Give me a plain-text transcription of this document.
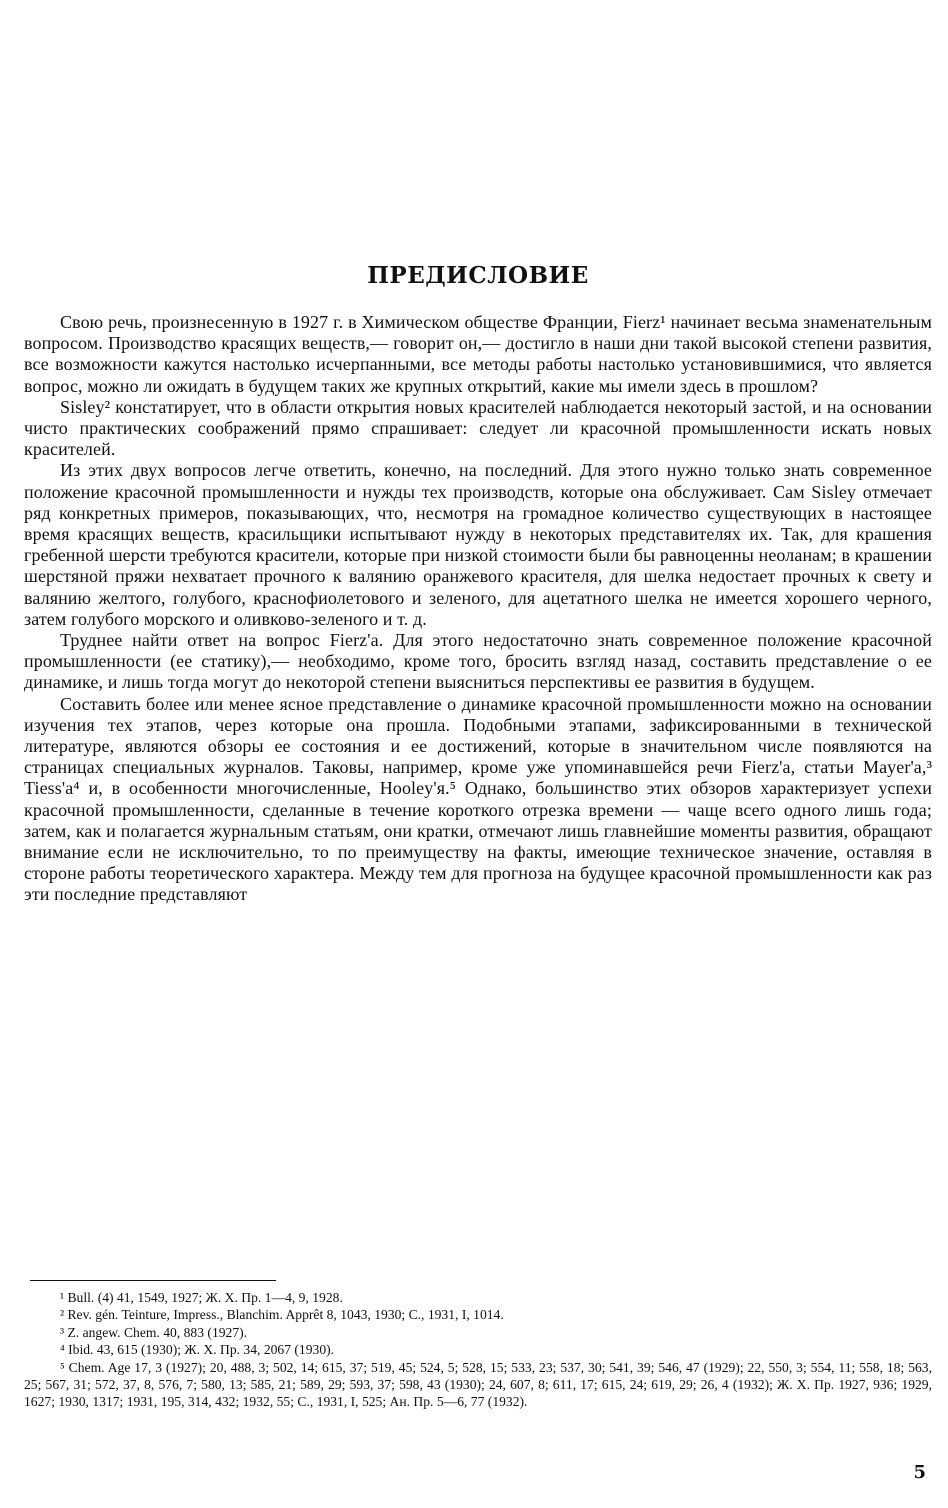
ПРЕДИСЛОВИЕ

Свою речь, произнесенную в 1927 г. в Химическом обществе Франции, Fierz¹ начинает весьма знаменательным вопросом. Производство красящих веществ,— говорит он,— достигло в наши дни такой высокой степени развития, все возможности кажутся настолько исчерпанными, все методы работы настолько установившимися, что является вопрос, можно ли ожидать в будущем таких же крупных открытий, какие мы имели здесь в прошлом?

Sisley² констатирует, что в области открытия новых красителей наблюдается некоторый застой, и на основании чисто практических соображений прямо спрашивает: следует ли красочной промышленности искать новых красителей.

Из этих двух вопросов легче ответить, конечно, на последний. Для этого нужно только знать современное положение красочной промышленности и нужды тех производств, которые она обслуживает. Сам Sisley отмечает ряд конкретных примеров, показывающих, что, несмотря на громадное количество существующих в настоящее время красящих веществ, красильщики испытывают нужду в некоторых представителях их. Так, для крашения гребенной шерсти требуются красители, которые при низкой стоимости были бы равноценны неоланам; в крашении шерстяной пряжи нехватает прочного к валянию оранжевого красителя, для шелка недостает прочных к свету и валянию желтого, голубого, краснофиолетового и зеленого, для ацетатного шелка не имеется хорошего черного, затем голубого морского и оливково-зеленого и т. д.

Труднее найти ответ на вопрос Fierz'a. Для этого недостаточно знать современное положение красочной промышленности (ее статику),— необходимо, кроме того, бросить взгляд назад, составить представление о ее динамике, и лишь тогда могут до некоторой степени выясниться перспективы ее развития в будущем.

Составить более или менее ясное представление о динамике красочной промышленности можно на основании изучения тех этапов, через которые она прошла. Подобными этапами, зафиксированными в технической литературе, являются обзоры ее состояния и ее достижений, которые в значительном числе появляются на страницах специальных журналов. Таковы, например, кроме уже упоминавшейся речи Fierz'a, статьи Mayer'a,³ Tiess'a⁴ и, в особенности многочисленные, Hooley'я.⁵ Однако, большинство этих обзоров характеризует успехи красочной промышленности, сделанные в течение короткого отрезка времени — чаще всего одного лишь года; затем, как и полагается журнальным статьям, они кратки, отмечают лишь главнейшие моменты развития, обращают внимание если не исключительно, то по преимуществу на факты, имеющие техническое значение, оставляя в стороне работы теоретического характера. Между тем для прогноза на будущее красочной промышленности как раз эти последние представляют

¹ Bull. (4) 41, 1549, 1927; Ж. Х. Пр. 1—4, 9, 1928.

² Rev. gén. Teinture, Impress., Blanchim. Apprêt 8, 1043, 1930; C., 1931, I, 1014.

³ Z. angew. Chem. 40, 883 (1927).

⁴ Ibid. 43, 615 (1930); Ж. Х. Пр. 34, 2067 (1930).

⁵ Chem. Age 17, 3 (1927); 20, 488, 3; 502, 14; 615, 37; 519, 45; 524, 5; 528, 15; 533, 23; 537, 30; 541, 39; 546, 47 (1929); 22, 550, 3; 554, 11; 558, 18; 563, 25; 567, 31; 572, 37, 8, 576, 7; 580, 13; 585, 21; 589, 29; 593, 37; 598, 43 (1930); 24, 607, 8; 611, 17; 615, 24; 619, 29; 26, 4 (1932); Ж. Х. Пр. 1927, 936; 1929, 1627; 1930, 1317; 1931, 195, 314, 432; 1932, 55; C., 1931, I, 525; Ан. Пр. 5—6, 77 (1932).

5
